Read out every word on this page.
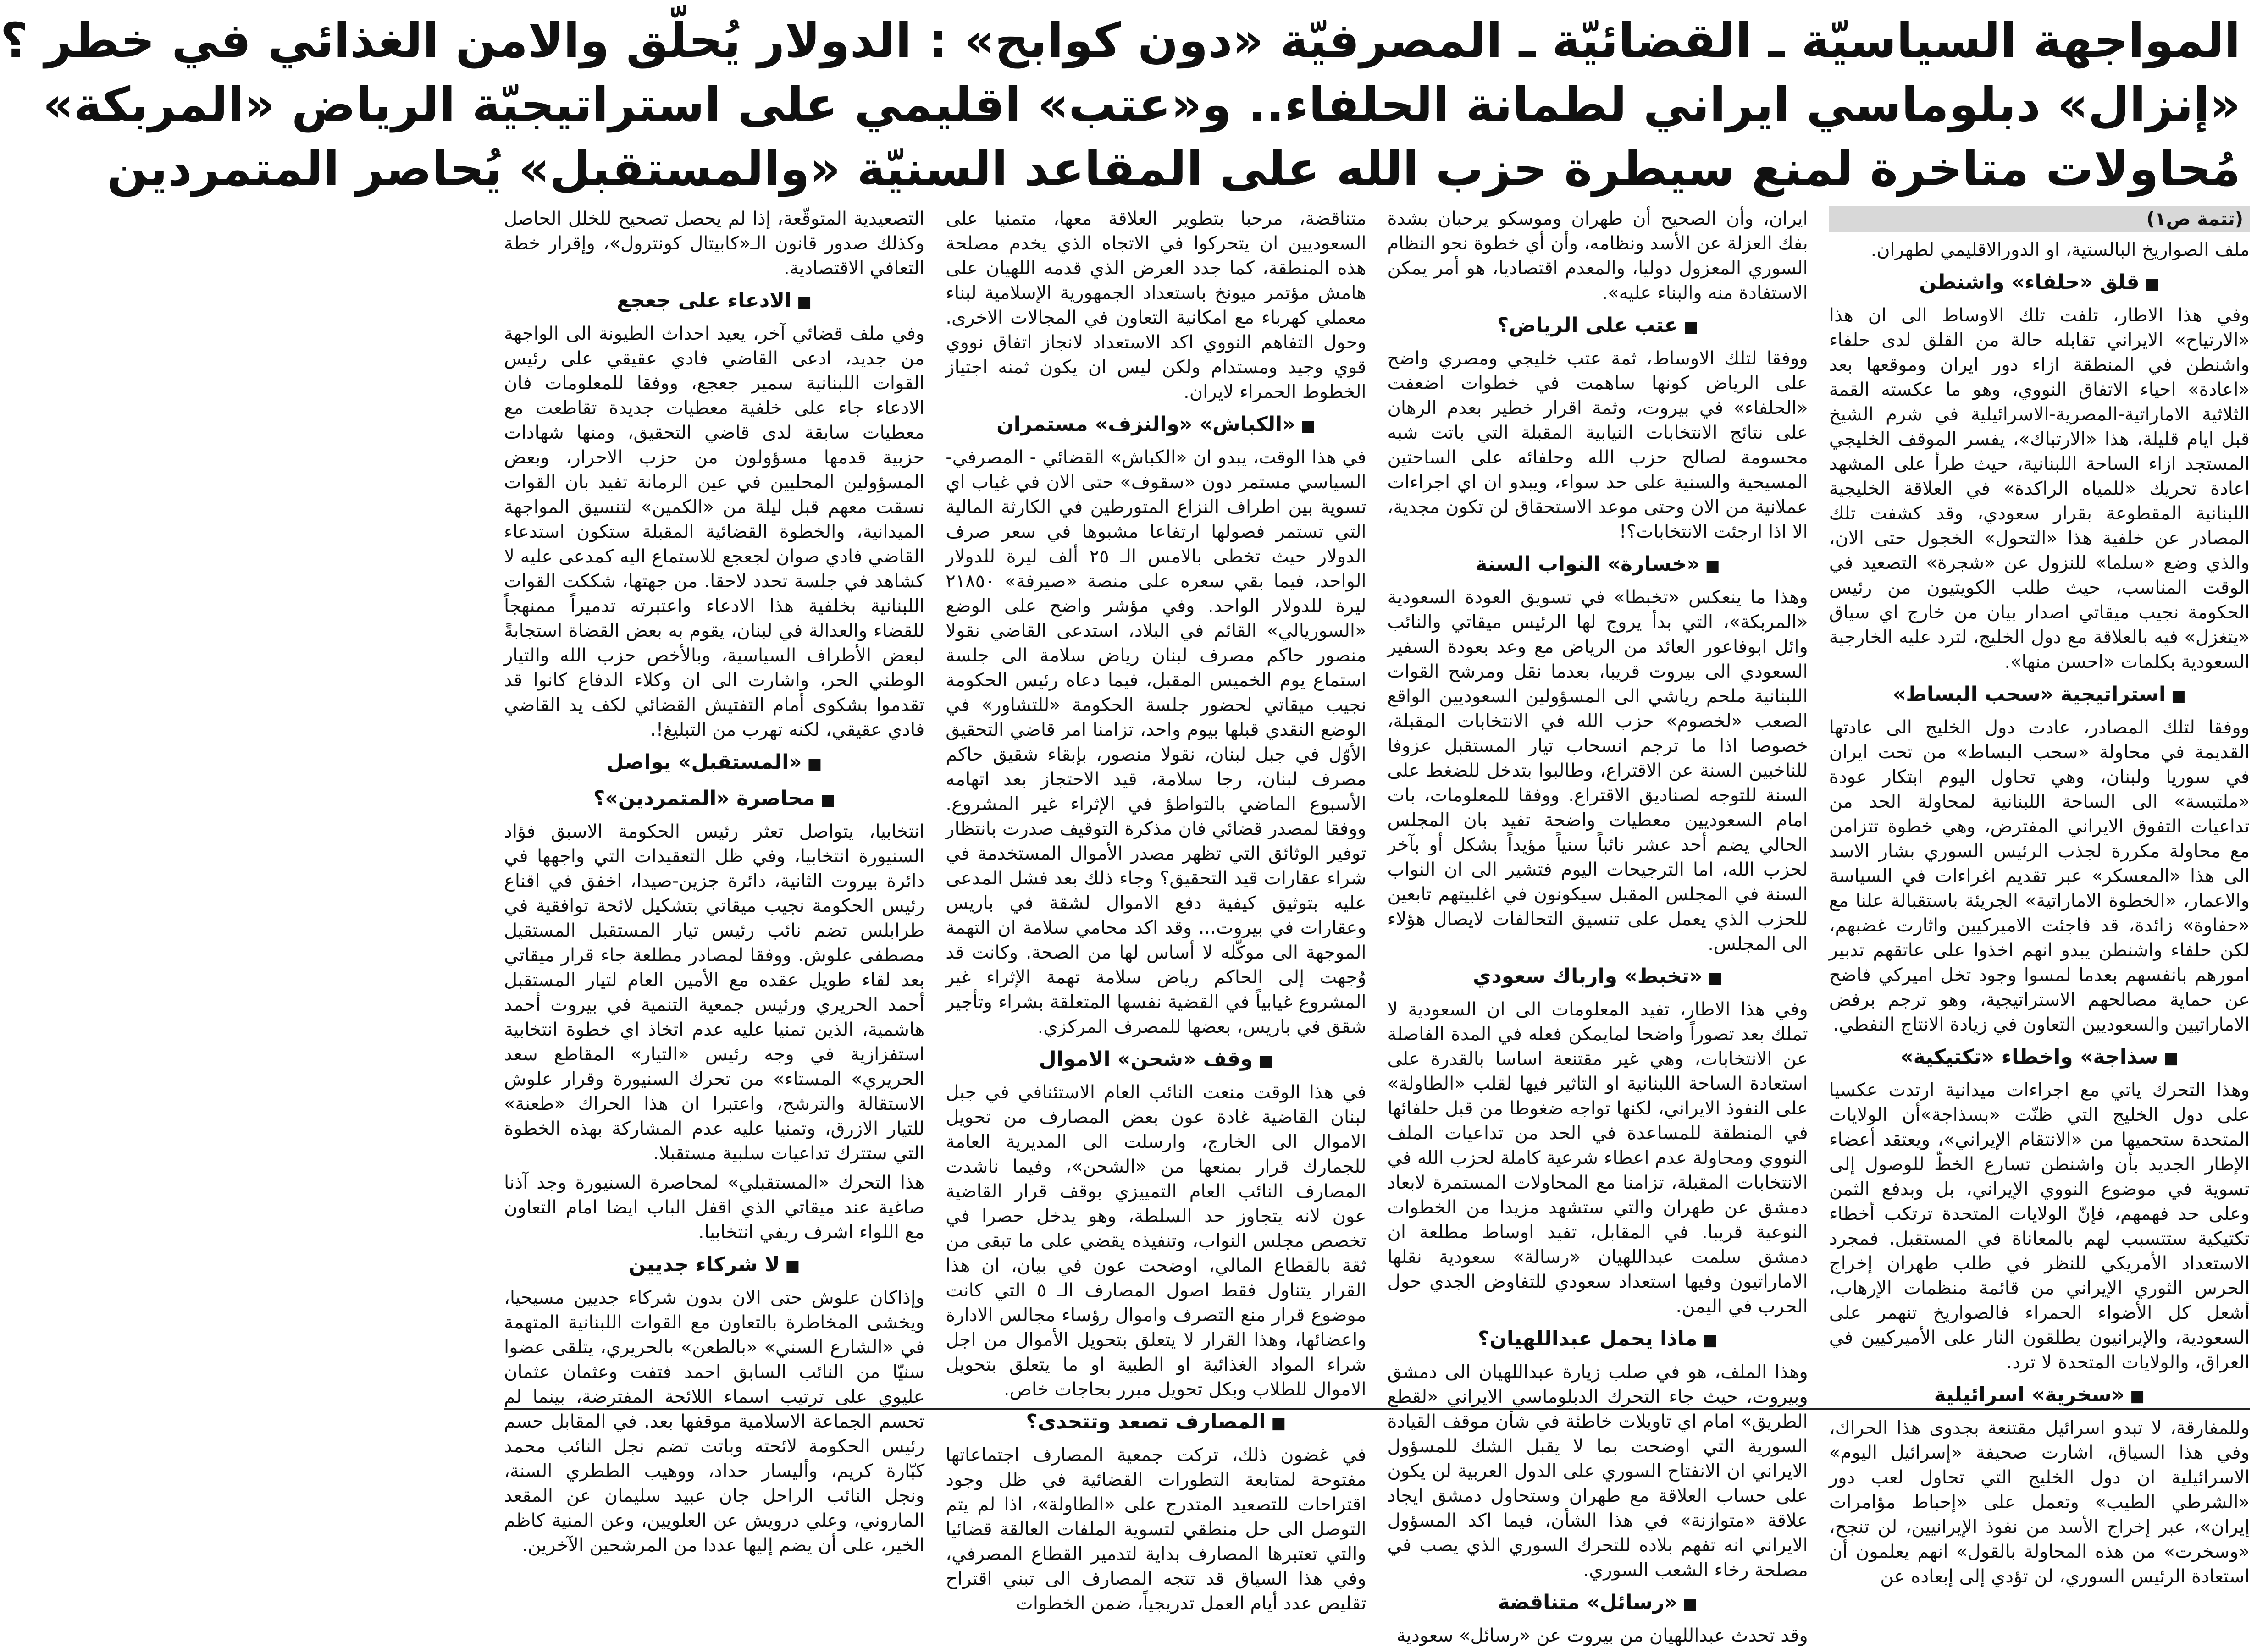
المواجهة السياسيّة ـ القضائيّة ـ المصرفيّة «دون كوابح» : الدولار يُحلّق والامن الغذائي في خطر ؟
«إنزال» دبلوماسي ايراني لطمانة الحلفاء.. و«عتب» اقليمي على استراتيجيّة الرياض «المربكة»
مُحاولات متاخرة لمنع سيطرة حزب الله على المقاعد السنيّة «والمستقبل» يُحاصر المتمردين
(تتمة ص١)

ملف الصواريخ البالستية، او الدورالاقليمي لطهران.

■ قلق «حلفاء» واشنطن

وفي هذا الاطار، تلفت تلك الاوساط الى ان هذا «الارتياح» الايراني تقابله حالة من القلق لدى حلفاء واشنطن في المنطقة ازاء دور ايران وموقعها بعد «اعادة» احياء الاتفاق النووي، وهو ما عكسته القمة الثلاثية الاماراتية-المصرية-الاسرائيلية في شرم الشيخ قبل ايام قليلة، هذا «الارتباك»، يفسر الموقف الخليجي المستجد ازاء الساحة اللبنانية، حيث طرأ على المشهد اعادة تحريك «للمياه الراكدة» في العلاقة الخليجية اللبنانية المقطوعة بقرار سعودي، وقد كشفت تلك المصادر عن خلفية هذا «التحول» الخجول حتى الان، والذي وضع «سلما» للنزول عن «شجرة» التصعيد في الوقت المناسب، حيث طلب الكويتيون من رئيس الحكومة نجيب ميقاتي اصدار بيان من خارج اي سياق «يتغزل» فيه بالعلاقة مع دول الخليج، لترد عليه الخارجية السعودية بكلمات «احسن منها».

■ استراتيجية «سحب البساط»

ووفقا لتلك المصادر، عادت دول الخليج الى عادتها القديمة في محاولة «سحب البساط» من تحت ايران في سوريا ولبنان، وهي تحاول اليوم ابتكار عودة «ملتبسة» الى الساحة اللبنانية لمحاولة الحد من تداعيات التفوق الايراني المفترض، وهي خطوة تتزامن مع محاولة مكررة لجذب الرئيس السوري بشار الاسد الى هذا «المعسكر» عبر تقديم اغراءات في السياسة والاعمار، «الخطوة الاماراتية» الجريئة باستقبالة علنا مع «حفاوة» زائدة، قد فاجئت الاميركيين واثارت غضبهم، لكن حلفاء واشنطن يبدو انهم اخذوا على عاتقهم تدبير امورهم بانفسهم بعدما لمسوا وجود تخل اميركي فاضح عن حماية مصالحهم الاستراتيجية، وهو ترجم برفض الاماراتيين والسعوديين التعاون في زيادة الانتاج النفطي.

■ سذاجة» واخطاء «تكتيكية»

وهذا التحرك ياتي مع اجراءات ميدانية ارتدت عكسيا على دول الخليج التي ظنّت «بسذاجة»أن الولايات المتحدة ستحميها من «الانتقام الإيراني»، ويعتقد أعضاء الإطار الجديد بأن واشنطن تسارع الخطّ للوصول إلى تسوية في موضوع النووي الإيراني، بل وبدفع الثمن وعلى حد فهمهم، فإنّ الولايات المتحدة ترتكب أخطاء تكتيكية ستتسبب لهم بالمعاناة في المستقبل. فمجرد الاستعداد الأمريكي للنظر في طلب طهران إخراج الحرس الثوري الإيراني من قائمة منظمات الإرهاب، أشعل كل الأضواء الحمراء فالصواريخ تنهمر على السعودية، والإيرانيون يطلقون النار على الأميركيين في العراق، والولايات المتحدة لا ترد.

■ «سخرية» اسرائيلية

وللمفارقة، لا تبدو اسرائيل مقتنعة بجدوى هذا الحراك، وفي هذا السياق، اشارت صحيفة «إسرائيل اليوم» الاسرائيلية ان دول الخليج التي تحاول لعب دور «الشرطي الطيب» وتعمل على «إحباط مؤامرات إيران»، عبر إخراج الأسد من نفوذ الإيرانيين، لن تنجح، «وسخرت» من هذه المحاولة بالقول» انهم يعلمون أن استعادة الرئيس السوري، لن تؤدي إلى إبعاده عن

ايران، وأن الصحيح أن طهران وموسكو يرحبان بشدة بفك العزلة عن الأسد ونظامه، وأن أي خطوة نحو النظام السوري المعزول دوليا، والمعدم اقتصاديا، هو أمر يمكن الاستفادة منه والبناء عليه».

■ عتب على الرياض؟

ووفقا لتلك الاوساط، ثمة عتب خليجي ومصري واضح على الرياض كونها ساهمت في خطوات اضعفت «الحلفاء» في بيروت، وثمة اقرار خطير بعدم الرهان على نتائج الانتخابات النيابية المقبلة التي باتت شبه محسومة لصالح حزب الله وحلفائه على الساحتين المسيحية والسنية على حد سواء، ويبدو ان اي اجراءات عملانية من الان وحتى موعد الاستحقاق لن تكون مجدية، الا اذا ارجئت الانتخابات؟!

■ «خسارة» النواب السنة

وهذا ما ينعكس «تخبطا» في تسويق العودة السعودية «المربكة»، التي بدأ يروج لها الرئيس ميقاتي والنائب وائل ابوفاعور العائد من الرياض مع وعد بعودة السفير السعودي الى بيروت قريبا، بعدما نقل ومرشح القوات اللبنانية ملحم رياشي الى المسؤولين السعوديين الواقع الصعب «لخصوم» حزب الله في الانتخابات المقبلة، خصوصا اذا ما ترجم انسحاب تيار المستقبل عزوفا للناخبين السنة عن الاقتراع، وطالبوا بتدخل للضغط على السنة للتوجه لصناديق الاقتراع. ووفقا للمعلومات، بات امام السعوديين معطيات واضحة تفيد بان المجلس الحالي يضم أحد عشر نائباً سنياً مؤيداً بشكل أو بآخر لحزب الله، اما الترجيحات اليوم فتشير الى ان النواب السنة في المجلس المقبل سيكونون في اغلبيتهم تابعين للحزب الذي يعمل على تنسيق التحالفات لايصال هؤلاء الى المجلس.

■ «تخبط» وارباك سعودي

وفي هذا الاطار، تفيد المعلومات الى ان السعودية لا تملك بعد تصوراً واضحا لمايمكن فعله في المدة الفاصلة عن الانتخابات، وهي غير مقتنعة اساسا بالقدرة على استعادة الساحة اللبنانية او التاثير فيها لقلب «الطاولة» على النفوذ الايراني، لكنها تواجه ضغوطا من قبل حلفائها في المنطقة للمساعدة في الحد من تداعيات الملف النووي ومحاولة عدم اعطاء شرعية كاملة لحزب الله في الانتخابات المقبلة، تزامنا مع المحاولات المستمرة لابعاد دمشق عن طهران والتي ستشهد مزيدا من الخطوات النوعية قريبا. في المقابل، تفيد اوساط مطلعة ان دمشق سلمت عبداللهيان «رسالة» سعودية نقلها الاماراتيون وفيها استعداد سعودي للتفاوض الجدي حول الحرب في اليمن.

■ ماذا يحمل عبداللهيان؟

وهذا الملف، هو في صلب زيارة عبداللهيان الى دمشق وبيروت، حيث جاء التحرك الدبلوماسي الايراني «لقطع الطريق» امام اي تاويلات خاطئة في شأن موقف القيادة السورية التي اوضحت بما لا يقبل الشك للمسؤول الايراني ان الانفتاح السوري على الدول العربية لن يكون على حساب العلاقة مع طهران وستحاول دمشق ايجاد علاقة «متوازنة» في هذا الشأن، فيما اكد المسؤول الايراني انه تفهم بلاده للتحرك السوري الذي يصب في مصلحة رخاء الشعب السوري.

■ «رسائل» متناقضة

وقد تحدث عبداللهيان من بيروت عن «رسائل» سعودية

متناقضة، مرحبا بتطوير العلاقة معها، متمنيا على السعوديين ان يتحركوا في الاتجاه الذي يخدم مصلحة هذه المنطقة، كما جدد العرض الذي قدمه اللهيان على هامش مؤتمر ميونخ باستعداد الجمهورية الإسلامية لبناء معملي كهرباء مع امكانية التعاون في المجالات الاخرى. وحول التفاهم النووي اكد الاستعداد لانجاز اتفاق نووي قوي وجيد ومستدام ولكن ليس ان يكون ثمنه اجتياز الخطوط الحمراء لايران.

■ «الكباش» «والنزف» مستمران

في هذا الوقت، يبدو ان «الكباش» القضائي - المصرفي- السياسي مستمر دون «سقوف» حتى الان في غياب اي تسوية بين اطراف النزاع المتورطين في الكارثة المالية التي تستمر فصولها ارتفاعا مشبوها في سعر صرف الدولار حيث تخطى بالامس الـ ٢٥ ألف ليرة للدولار الواحد، فيما بقي سعره على منصة «صيرفة» ٢١٨٥٠ ليرة للدولار الواحد. وفي مؤشر واضح على الوضع «السوريالي» القائم في البلاد، استدعى القاضي نقولا منصور حاكم مصرف لبنان رياض سلامة الى جلسة استماع يوم الخميس المقبل، فيما دعاه رئيس الحكومة نجيب ميقاتي لحضور جلسة الحكومة «للتشاور» في الوضع النقدي قبلها بيوم واحد، تزامنا امر قاضي التحقيق الأوّل في جبل لبنان، نقولا منصور، بإبقاء شقيق حاكم مصرف لبنان، رجا سلامة، قيد الاحتجاز بعد اتهامه الأسبوع الماضي بالتواطؤ في الإثراء غير المشروع. ووفقا لمصدر قضائي فان مذكرة التوقيف صدرت بانتظار توفير الوثائق التي تظهر مصدر الأموال المستخدمة في شراء عقارات قيد التحقيق؟ وجاء ذلك بعد فشل المدعى عليه بتوثيق كيفية دفع الاموال لشقة في باريس وعقارات في بيروت... وقد اكد محامي سلامة ان التهمة الموجهة الى موكّله لا أساس لها من الصحة. وكانت قد وُجهت إلى الحاكم رياض سلامة تهمة الإثراء غير المشروع غيابياً في القضية نفسها المتعلقة بشراء وتأجير شقق في باريس، بعضها للمصرف المركزي.

■ وقف «شحن» الاموال

في هذا الوقت منعت النائب العام الاستئنافي في جبل لبنان القاضية غادة عون بعض المصارف من تحويل الاموال الى الخارج، وارسلت الى المديرية العامة للجمارك قرار بمنعها من «الشحن»، وفيما ناشدت المصارف النائب العام التمييزي بوقف قرار القاضية عون لانه يتجاوز حد السلطة، وهو يدخل حصرا في تخصص مجلس النواب، وتنفيذه يقضي على ما تبقى من ثقة بالقطاع المالي، اوضحت عون في بيان، ان هذا القرار يتناول فقط اصول المصارف الـ ٥ التي كانت موضوع قرار منع التصرف واموال رؤساء مجالس الادارة واعضائها، وهذا القرار لا يتعلق بتحويل الأموال من اجل شراء المواد الغذائية او الطبية او ما يتعلق بتحويل الاموال للطلاب وبكل تحويل مبرر بحاجات خاص.

■ المصارف تصعد وتتحدى؟

في غضون ذلك، تركت جمعية المصارف اجتماعاتها مفتوحة لمتابعة التطورات القضائية في ظل وجود اقتراحات للتصعيد المتدرج على «الطاولة»، اذا لم يتم التوصل الى حل منطقي لتسوية الملفات العالقة قضائيا والتي تعتبرها المصارف بداية لتدمير القطاع المصرفي، وفي هذا السياق قد تتجه المصارف الى تبني اقتراح تقليص عدد أيام العمل تدريجياً، ضمن الخطوات

التصعيدية المتوقّعة، إذا لم يحصل تصحيح للخلل الحاصل وكذلك صدور قانون الـ«كابيتال كونترول»، وإقرار خطة التعافي الاقتصادية.

■ الادعاء على جعجع

وفي ملف قضائي آخر، يعيد احداث الطيونة الى الواجهة من جديد، ادعى القاضي فادي عقيقي على رئيس القوات اللبنانية سمير جعجع، ووفقا للمعلومات فان الادعاء جاء على خلفية معطيات جديدة تقاطعت مع معطيات سابقة لدى قاضي التحقيق، ومنها شهادات حزبية قدمها مسؤولون من حزب الاحرار، وبعض المسؤولين المحليين في عين الرمانة تفيد بان القوات نسقت معهم قبل ليلة من «الكمين» لتنسيق المواجهة الميدانية، والخطوة القضائية المقبلة ستكون استدعاء القاضي فادي صوان لجعجع للاستماع اليه كمدعى عليه لا كشاهد في جلسة تحدد لاحقا. من جهتها، شككت القوات اللبنانية بخلفية هذا الادعاء واعتبرته تدميراً ممنهجاً للقضاء والعدالة في لبنان، يقوم به بعض القضاة استجابةً لبعض الأطراف السياسية، وبالأخص حزب الله والتيار الوطني الحر، واشارت الى ان وكلاء الدفاع كانوا قد تقدموا بشكوى أمام التفتيش القضائي لكف يد القاضي فادي عقيقي، لكنه تهرب من التبليغ!.

■ «المستقبل» يواصل
■ محاصرة «المتمردين»؟

انتخابيا، يتواصل تعثر رئيس الحكومة الاسبق فؤاد السنيورة انتخابيا، وفي ظل التعقيدات التي واجهها في دائرة بيروت الثانية، دائرة جزين-صيدا، اخفق في اقناع رئيس الحكومة نجيب ميقاتي بتشكيل لائحة توافقية في طرابلس تضم نائب رئيس تيار المستقبل المستقيل مصطفى علوش. ووفقا لمصادر مطلعة جاء قرار ميقاتي بعد لقاء طويل عقده مع الأمين العام لتيار المستقبل أحمد الحريري ورئيس جمعية التنمية في بيروت أحمد هاشمية، الذين تمنيا عليه عدم اتخاذ اي خطوة انتخابية استفزازية في وجه رئيس «التيار» المقاطع سعد الحريري» المستاء» من تحرك السنيورة وقرار علوش الاستقالة والترشح، واعتبرا ان هذا الحراك «طعنة» للتيار الازرق، وتمنيا عليه عدم المشاركة بهذه الخطوة التي ستترك تداعيات سلبية مستقبلا.

هذا التحرك «المستقبلي» لمحاصرة السنيورة وجد آذنا صاغية عند ميقاتي الذي اقفل الباب ايضا امام التعاون مع اللواء اشرف ريفي انتخابيا.

■ لا شركاء جديين

وإذاكان علوش حتى الان بدون شركاء جديين مسيحيا، ويخشى المخاطرة بالتعاون مع القوات اللبنانية المتهمة في «الشارع السني» «بالطعن» بالحريري، يتلقى عضوا سنيّا من النائب السابق احمد فتفت وعثمان عثمان عليوي على ترتيب اسماء اللائحة المفترضة، بينما لم تحسم الجماعة الاسلامية موقفها بعد. في المقابل حسم رئيس الحكومة لائحته وباتت تضم نجل النائب محمد كبّارة كريم، وأليسار حداد، ووهيب الططري السنة، ونجل النائب الراحل جان عبيد سليمان عن المقعد الماروني، وعلي درويش عن العلويين، وعن المنية كاظم الخير، على أن يضم إليها عددا من المرشحين الآخرين.
